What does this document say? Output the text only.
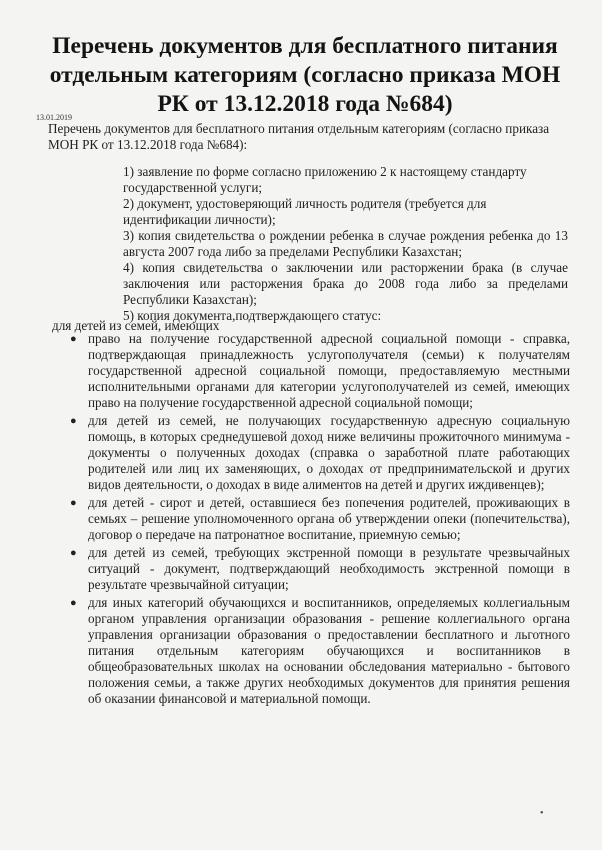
Перечень документов для бесплатного питания отдельным категориям (согласно приказа МОН РК от 13.12.2018 года №684)
13.01.2019
Перечень документов для бесплатного питания отдельным категориям (согласно приказа МОН РК от 13.12.2018 года №684):

1) заявление по форме согласно приложению 2 к настоящему стандарту государственной услуги;

2) документ, удостоверяющий личность родителя (требуется для идентификации личности);

3) копия свидетельства о рождении ребенка в случае рождения ребенка до 13 августа 2007 года либо за пределами Республики Казахстан;

4) копия свидетельства о заключении или расторжении брака (в случае заключения или расторжения брака до 2008 года либо за пределами Республики Казахстан);

5) копия документа,подтверждающего статус:

для детей из семей, имеющих
● право на получение государственной адресной социальной помощи - справка, подтверждающая принадлежность услугополучателя (семьи) к получателям государственной адресной социальной помощи, предоставляемую местными исполнительными органами для категории услугополучателей из семей, имеющих право на получение государственной адресной социальной помощи;
● для детей из семей, не получающих государственную адресную социальную помощь, в которых среднедушевой доход ниже величины прожиточного минимума - документы о полученных доходах (справка о заработной плате работающих родителей или лиц их заменяющих, о доходах от предпринимательской и других видов деятельности, о доходах в виде алиментов на детей и других иждивенцев);
● для детей - сирот и детей, оставшиеся без попечения родителей, проживающих в семьях – решение уполномоченного органа об утверждении опеки (попечительства), договор о передаче на патронатное воспитание, приемную семью;
● для детей из семей, требующих экстренной помощи в результате чрезвычайных ситуаций - документ, подтверждающий необходимость экстренной помощи в результате чрезвычайной ситуации;
● для иных категорий обучающихся и воспитанников, определяемых коллегиальным органом управления организации образования - решение коллегиального органа управления организации образования о предоставлении бесплатного и льготного питания отдельным категориям обучающихся и воспитанников в общеобразовательных школах на основании обследования материально - бытового положения семьи, а также других необходимых документов для принятия решения об оказании финансовой и материальной помощи.
•
